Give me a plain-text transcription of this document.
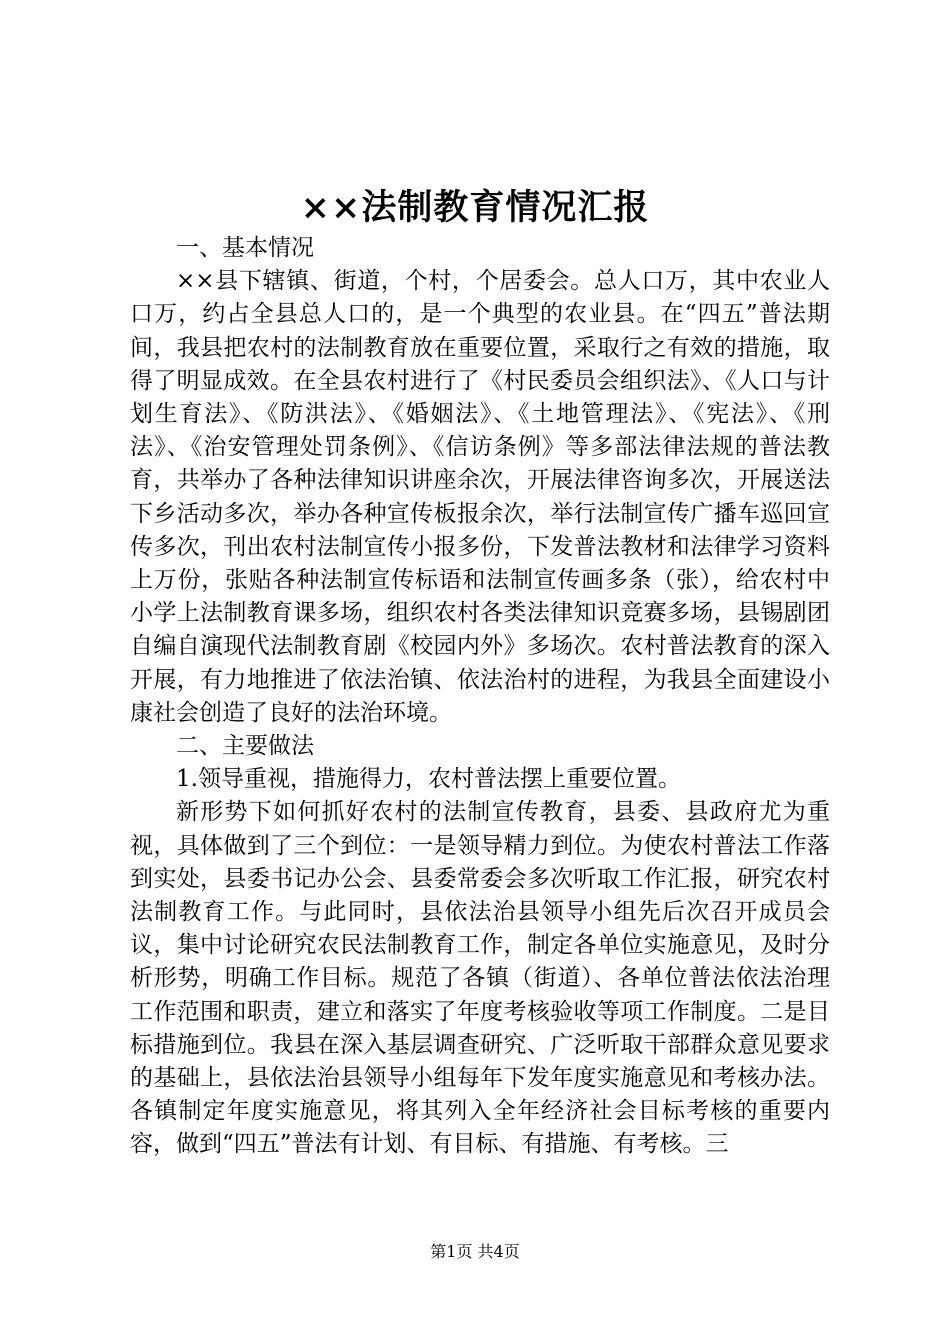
××法制教育情况汇报

一、基本情况

××县下辖镇、街道，个村，个居委会。总人口万，其中农业人口万，约占全县总人口的，是一个典型的农业县。在“四五”普法期间，我县把农村的法制教育放在重要位置，采取行之有效的措施，取得了明显成效。在全县农村进行了《村民委员会组织法》、《人口与计划生育法》、《防洪法》、《婚姻法》、《土地管理法》、《宪法》、《刑法》、《治安管理处罚条例》、《信访条例》等多部法律法规的普法教育，共举办了各种法律知识讲座余次，开展法律咨询多次，开展送法下乡活动多次，举办各种宣传板报余次，举行法制宣传广播车巡回宣传多次，刊出农村法制宣传小报多份，下发普法教材和法律学习资料上万份，张贴各种法制宣传标语和法制宣传画多条（张），给农村中小学上法制教育课多场，组织农村各类法律知识竞赛多场，县锡剧团自编自演现代法制教育剧《校园内外》多场次。农村普法教育的深入开展，有力地推进了依法治镇、依法治村的进程，为我县全面建设小康社会创造了良好的法治环境。

二、主要做法

1.领导重视，措施得力，农村普法摆上重要位置。

新形势下如何抓好农村的法制宣传教育，县委、县政府尤为重视，具体做到了三个到位：一是领导精力到位。为使农村普法工作落到实处，县委书记办公会、县委常委会多次听取工作汇报，研究农村法制教育工作。与此同时，县依法治县领导小组先后次召开成员会议，集中讨论研究农民法制教育工作，制定各单位实施意见，及时分析形势，明确工作目标。规范了各镇（街道）、各单位普法依法治理工作范围和职责，建立和落实了年度考核验收等项工作制度。二是目标措施到位。我县在深入基层调查研究、广泛听取干部群众意见要求的基础上，县依法治县领导小组每年下发年度实施意见和考核办法。各镇制定年度实施意见，将其列入全年经济社会目标考核的重要内容，做到“四五”普法有计划、有目标、有措施、有考核。三

第1页 共4页
